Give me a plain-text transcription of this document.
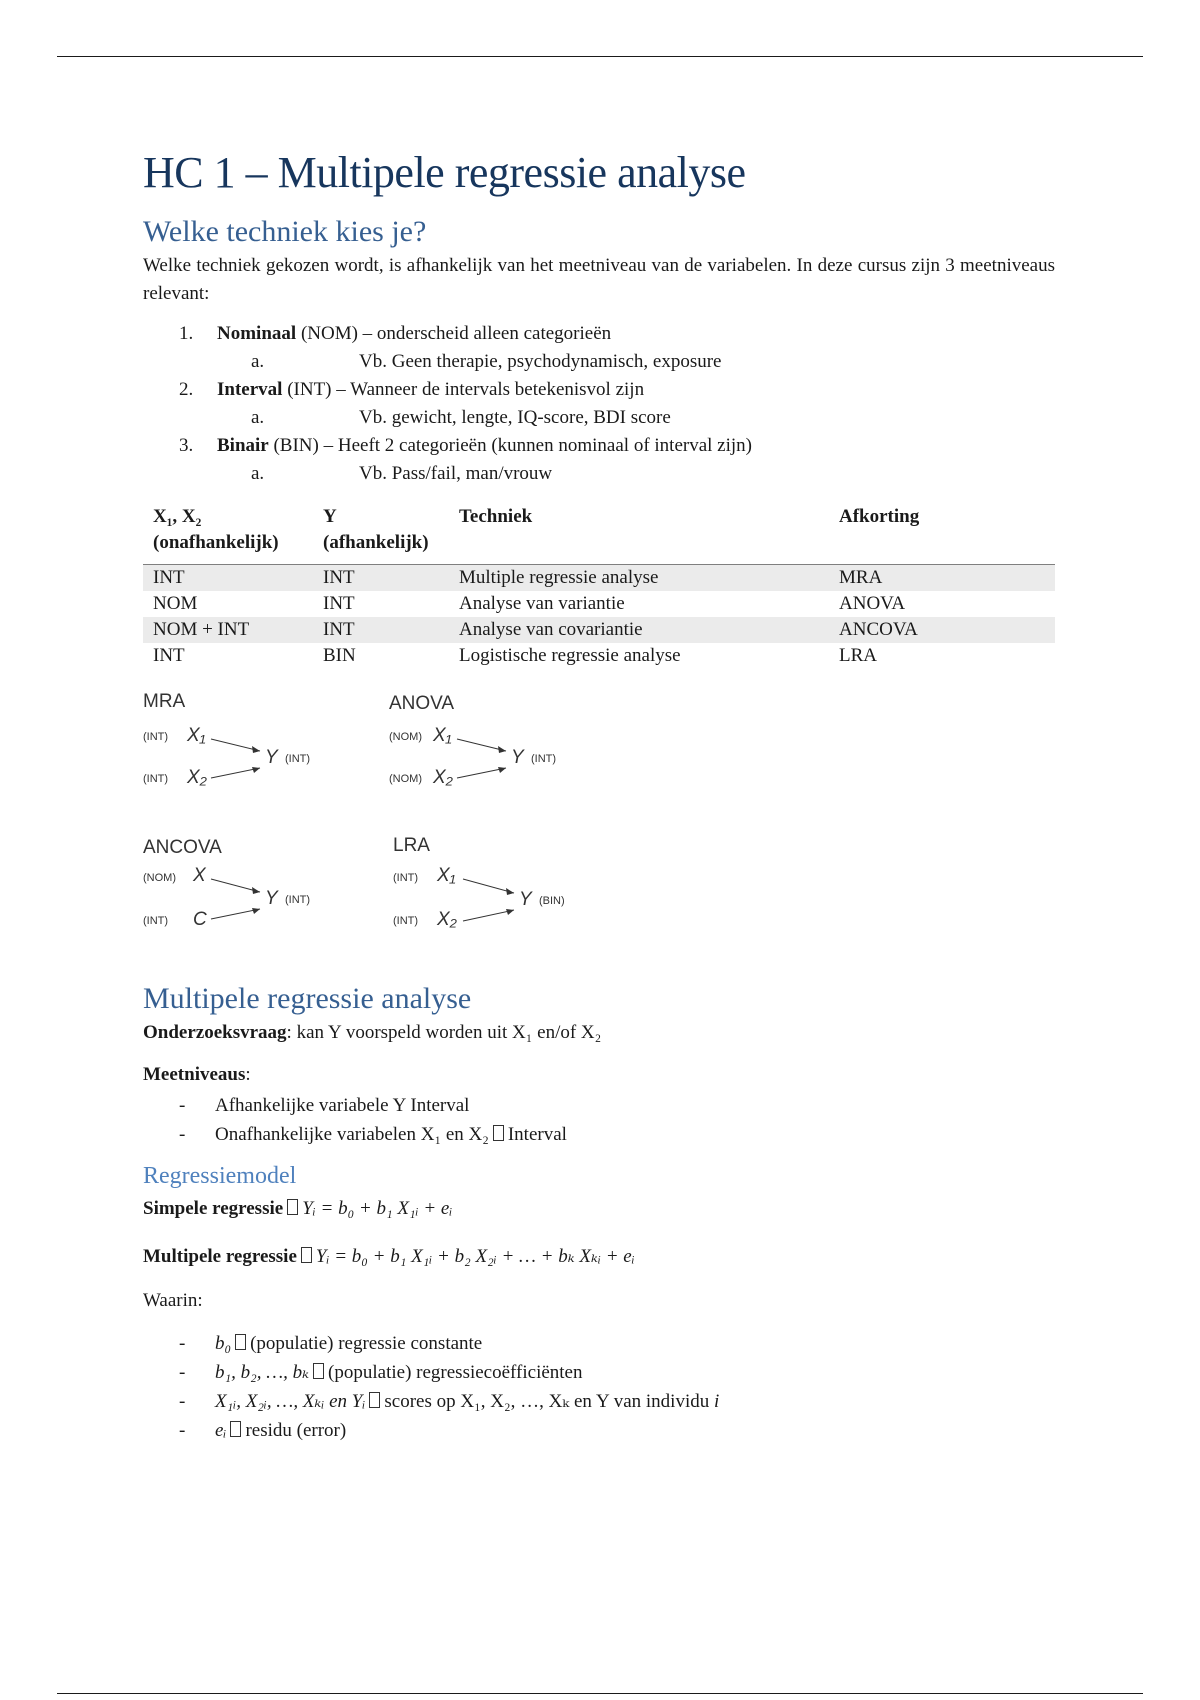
HC 1 – Multipele regressie analyse
Welke techniek kies je?

Welke techniek gekozen wordt, is afhankelijk van het meetniveau van de variabelen. In deze cursus zijn 3 meetniveaus relevant:

1. Nominaal (NOM) – onderscheid alleen categorieën
a.	Vb. Geen therapie, psychodynamisch, exposure
2. Interval (INT) – Wanneer de intervals betekenisvol zijn
a.	Vb. gewicht, lengte, IQ-score, BDI score
3. Binair (BIN) – Heeft 2 categorieën (kunnen nominaal of interval zijn)
a.	Vb. Pass/fail, man/vrouw
X₁, X₂ (onafhankelijk)	Y (afhankelijk)	Techniek	Afkorting
INT	INT	Multiple regressie analyse	MRA
NOM	INT	Analyse van variantie	ANOVA
NOM + INT	INT	Analyse van covariantie	ANCOVA
INT	BIN	Logistische regressie analyse	LRA
MRA
(INT) X₁
(INT) X₂
Y (INT)
ANOVA
(NOM) X₁
(NOM) X₂
Y (INT)
ANCOVA
(NOM) X
(INT) C
Y (INT)
LRA
(INT) X₁
(INT) X₂
Y (BIN)
Multipele regressie analyse

Onderzoeksvraag: kan Y voorspeld worden uit X₁ en/of X₂

Meetniveaus:

- Afhankelijke variabele Y Interval
- Onafhankelijke variabelen X₁ en X₂ Interval
Regressiemodel

Simpele regressie Yᵢ = b₀ + b₁ X₁ᵢ + eᵢ

Multipele regressie Yᵢ = b₀ + b₁ X₁ᵢ + b₂ X₂ᵢ + … + bₖ Xₖᵢ + eᵢ

Waarin:

- b₀ (populatie) regressie constante
- b₁, b₂, …, bₖ (populatie) regressiecoëfficiënten
- X₁ᵢ, X₂ᵢ, …, Xₖᵢ en Yᵢ scores op X₁, X₂, …, Xₖ en Y van individu i
- eᵢ residu (error)
